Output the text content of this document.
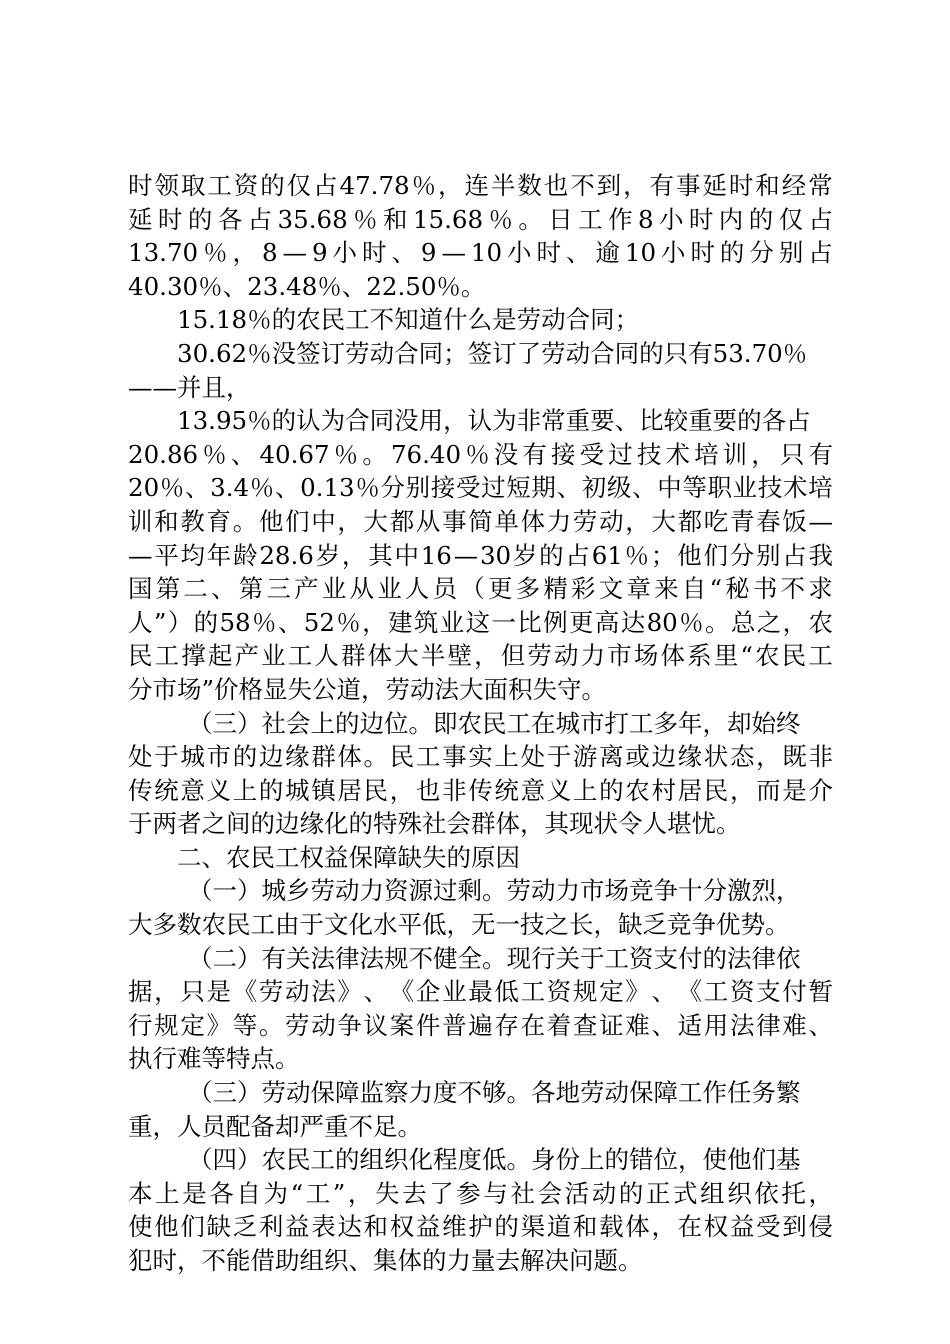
时 领 取 工 资 的 仅 占 47.78 ％ ， 连 半 数 也 不 到 ， 有 事 延 时 和 经 常
延 时 的 各 占 35.68 ％ 和 15.68 ％ 。 日 工 作 8 小 时 内 的 仅 占
13.70 ％ ， 8 — 9 小 时 、 9 — 10 小 时 、 逾 10 小 时 的 分 别 占
40.30％、23.48％、22.50％。
15.18％的农民工不知道什么是劳动合同；
30.62％没签订劳动合同；签订了劳动合同的只有53.70％
——并且，
13.95％的认为合同没用，认为非常重要、比较重要的各占
20.86 ％ 、 40.67 ％ 。 76.40 ％ 没 有 接 受 过 技 术 培 训 ， 只 有
20 ％ 、 3.4 ％ 、 0.13 ％ 分 别 接 受 过 短 期 、 初 级 、 中 等 职 业 技 术 培
训 和 教 育 。 他 们 中 ， 大 都 从 事 简 单 体 力 劳 动 ， 大 都 吃 青 春 饭 —
— 平 均 年 龄 28.6 岁 ， 其 中 16 — 30 岁 的 占 61 ％ ； 他 们 分 别 占 我
国 第 二 、 第 三 产 业 从 业 人 员 （ 更 多 精 彩 文 章 来 自 “ 秘 书 不 求
人 ” ） 的 58 ％ 、 52 ％ ， 建 筑 业 这 一 比 例 更 高 达 80 ％ 。 总 之 ， 农
民 工 撑 起 产 业 工 人 群 体 大 半 壁 ， 但 劳 动 力 市 场 体 系 里 “ 农 民 工
分市场”价格显失公道，劳动法大面积失守。
（三）社会上的边位。即农民工在城市打工多年，却始终
处 于 城 市 的 边 缘 群 体 。 民 工 事 实 上 处 于 游 离 或 边 缘 状 态 ， 既 非
传 统 意 义 上 的 城 镇 居 民 ， 也 非 传 统 意 义 上 的 农 村 居 民 ， 而 是 介
于两者之间的边缘化的特殊社会群体，其现状令人堪忧。
二、农民工权益保障缺失的原因
（一）城乡劳动力资源过剩。劳动力市场竞争十分激烈，
大多数农民工由于文化水平低，无一技之长，缺乏竞争优势。
（二）有关法律法规不健全。现行关于工资支付的法律依
据 ， 只 是 《 劳 动 法 》 、 《 企 业 最 低 工 资 规 定 》 、 《 工 资 支 付 暂
行 规 定 》 等 。 劳 动 争 议 案 件 普 遍 存 在 着 查 证 难 、 适 用 法 律 难 、
执行难等特点。
（三）劳动保障监察力度不够。各地劳动保障工作任务繁
重，人员配备却严重不足。
（四）农民工的组织化程度低。身份上的错位，使他们基
本 上 是 各 自 为 “ 工 ” ， 失 去 了 参 与 社 会 活 动 的 正 式 组 织 依 托 ，
使 他 们 缺 乏 利 益 表 达 和 权 益 维 护 的 渠 道 和 载 体 ， 在 权 益 受 到 侵
犯时，不能借助组织、集体的力量去解决问题。
